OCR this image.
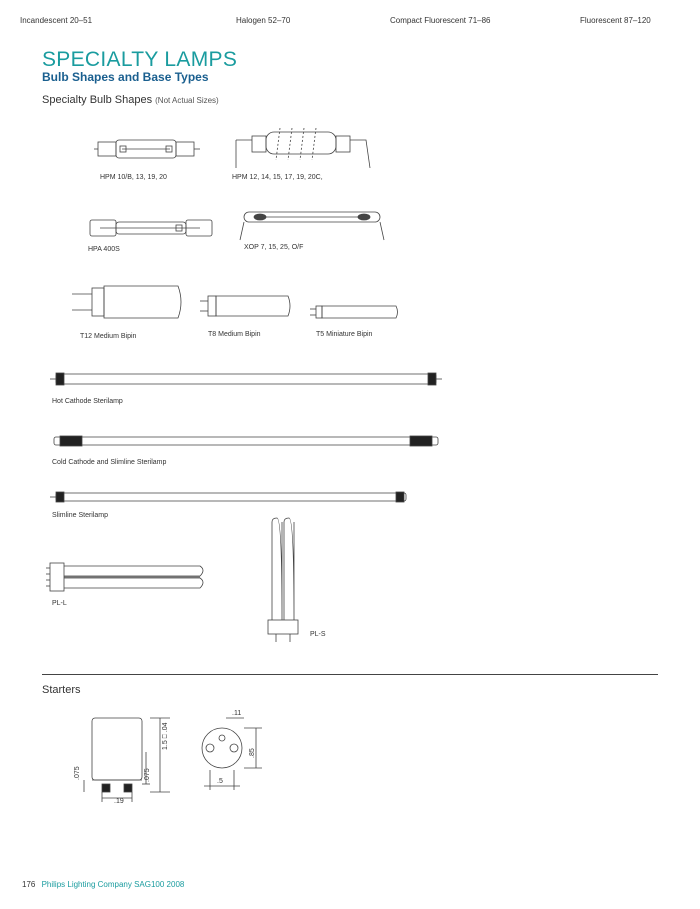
Incandescent 20–51	Halogen 52–70	Compact Fluorescent 71–86	Fluorescent 87–120
SPECIALTY LAMPS
Bulb Shapes and Base Types
Specialty Bulb Shapes (Not Actual Sizes)
HPM 10/B, 13, 19, 20	HPM 12, 14, 15, 17, 19, 20C,
HPA 400S	XOP 7, 15, 25, O/F
T12 Medium Bipin	T8 Medium Bipin	T5 Miniature Bipin
Hot Cathode Sterilamp
Cold Cathode and Slimline Sterilamp
Slimline Sterilamp
PL-L
PL-S
Starters
.19
1.5 ⎕ .04
.075	.075
.11
.85
.5
176 Philips Lighting Company SAG100 2008
